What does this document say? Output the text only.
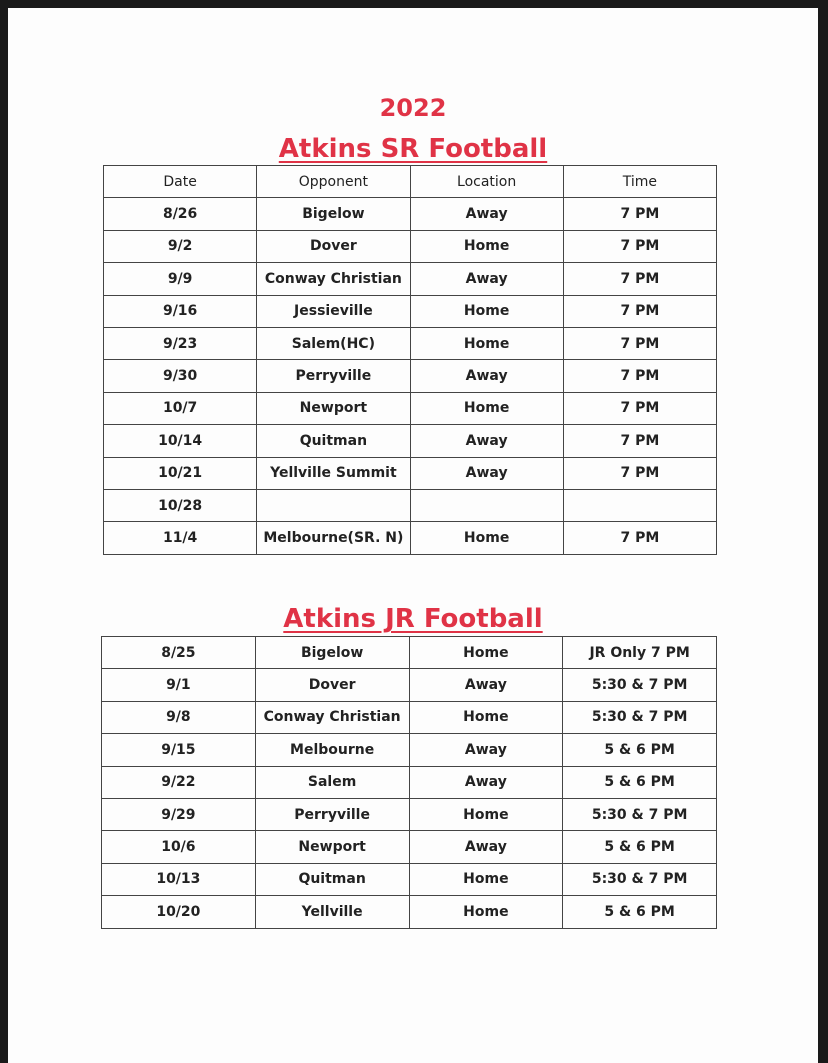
2022
Atkins SR Football
Date	Opponent	Location	Time
8/26	Bigelow	Away	7 PM
9/2	Dover	Home	7 PM
9/9	Conway Christian	Away	7 PM
9/16	Jessieville	Home	7 PM
9/23	Salem(HC)	Home	7 PM
9/30	Perryville	Away	7 PM
10/7	Newport	Home	7 PM
10/14	Quitman	Away	7 PM
10/21	Yellville Summit	Away	7 PM
10/28			
11/4	Melbourne(SR. N)	Home	7 PM
Atkins JR Football
8/25	Bigelow	Home	JR Only 7 PM
9/1	Dover	Away	5:30 & 7 PM
9/8	Conway Christian	Home	5:30 & 7 PM
9/15	Melbourne	Away	5 & 6 PM
9/22	Salem	Away	5 & 6 PM
9/29	Perryville	Home	5:30 & 7 PM
10/6	Newport	Away	5 & 6 PM
10/13	Quitman	Home	5:30 & 7 PM
10/20	Yellville	Home	5 & 6 PM
